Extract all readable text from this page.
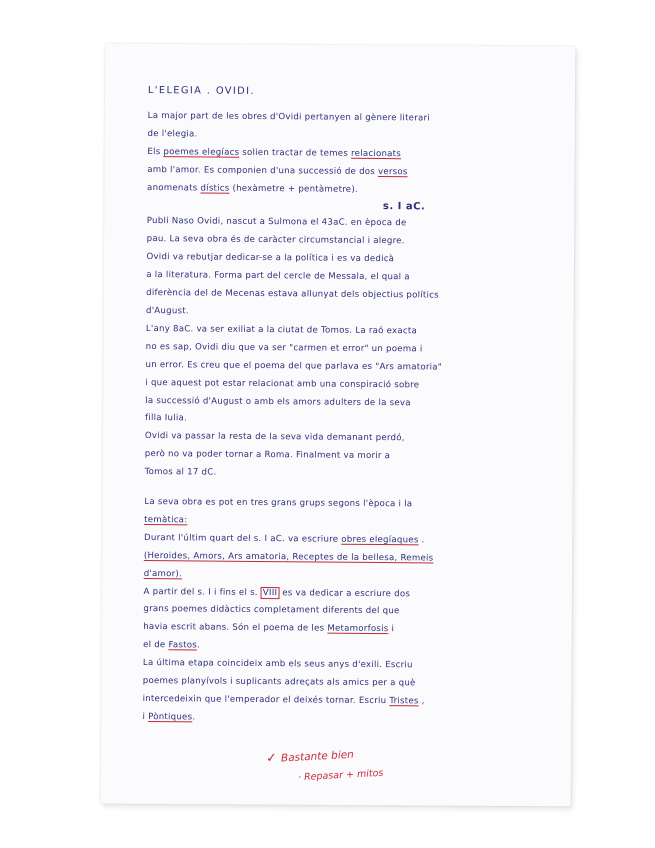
L'ELEGIA . OVIDI.
La major part de les obres d'Ovidi pertanyen al gènere literari
de l'elegia.
Els poemes elegíacs solien tractar de temes relacionats
amb l'amor. Es componien d'una successió de dos versos
anomenats dístics (hexàmetre + pentàmetre).
s. I aC.
Publi Naso Ovidi, nascut a Sulmona el 43aC. en època de
pau. La seva obra és de caràcter circumstancial i alegre.
Ovidi va rebutjar dedicar-se a la política i es va dedicà
a la literatura. Forma part del cercle de Messala, el qual a
diferència del de Mecenas estava allunyat dels objectius polítics
d'August.
L'any 8aC. va ser exiliat a la ciutat de Tomos. La raó exacta
no es sap, Ovidi diu que va ser "carmen et error" un poema i
un error. Es creu que el poema del que parlava es "Ars amatoria"
i que aquest pot estar relacionat amb una conspiració sobre
la successió d'August o amb els amors adulters de la seva
filla Iulia.
Ovidi va passar la resta de la seva vida demanant perdó,
però no va poder tornar a Roma. Finalment va morir a
Tomos al 17 dC.
La seva obra es pot en tres grans grups segons l'època i la
temàtica:
Durant l'últim quart del s. I aC. va escriure obres elegíaques .
(Heroides, Amors, Ars amatoria, Receptes de la bellesa, Remeis
d'amor).
A partir del s. I i fins el s. VIII es va dedicar a escriure dos
grans poemes didàctics completament diferents del que
havia escrit abans. Són el poema de les Metamorfosis i
el de Fastos.
La última etapa coincideix amb els seus anys d'exili. Escriu
poemes planyívols i suplicants adreçats als amics per a què
intercedeixin que l'emperador el deixés tornar. Escriu Tristes ,
i Pòntiques.
✓ Bastante bien
· Repasar + mitos
